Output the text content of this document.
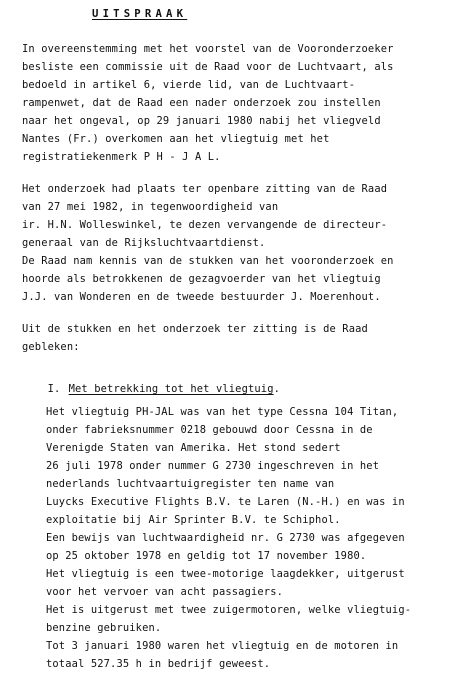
UITSPRAAK
In overeenstemming met het voorstel van de Vooronderzoeker
besliste een commissie uit de Raad voor de Luchtvaart, als
bedoeld in artikel 6, vierde lid, van de Luchtvaart-
rampenwet, dat de Raad een nader onderzoek zou instellen
naar het ongeval, op 29 januari 1980 nabij het vliegveld
Nantes (Fr.) overkomen aan het vliegtuig met het
registratiekenmerk P H - J A L.
Het onderzoek had plaats ter openbare zitting van de Raad
van 27 mei 1982, in tegenwoordigheid van
ir. H.N. Wolleswinkel, te dezen vervangende de directeur-
generaal van de Rijksluchtvaartdienst.
De Raad nam kennis van de stukken van het vooronderzoek en
hoorde als betrokkenen de gezagvoerder van het vliegtuig
J.J. van Wonderen en de tweede bestuurder J. Moerenhout.
Uit de stukken en het onderzoek ter zitting is de Raad
gebleken:

I. Met betrekking tot het vliegtuig.

Het vliegtuig PH-JAL was van het type Cessna 104 Titan,
onder fabrieksnummer 0218 gebouwd door Cessna in de
Verenigde Staten van Amerika. Het stond sedert
26 juli 1978 onder nummer G 2730 ingeschreven in het
nederlands luchtvaartuigregister ten name van
Luycks Executive Flights B.V. te Laren (N.-H.) en was in
exploitatie bij Air Sprinter B.V. te Schiphol.
Een bewijs van luchtwaardigheid nr. G 2730 was afgegeven
op 25 oktober 1978 en geldig tot 17 november 1980.
Het vliegtuig is een twee-motorige laagdekker, uitgerust
voor het vervoer van acht passagiers.
Het is uitgerust met twee zuigermotoren, welke vliegtuig-
benzine gebruiken.
Tot 3 januari 1980 waren het vliegtuig en de motoren in
totaal 527.35 h in bedrijf geweest.
